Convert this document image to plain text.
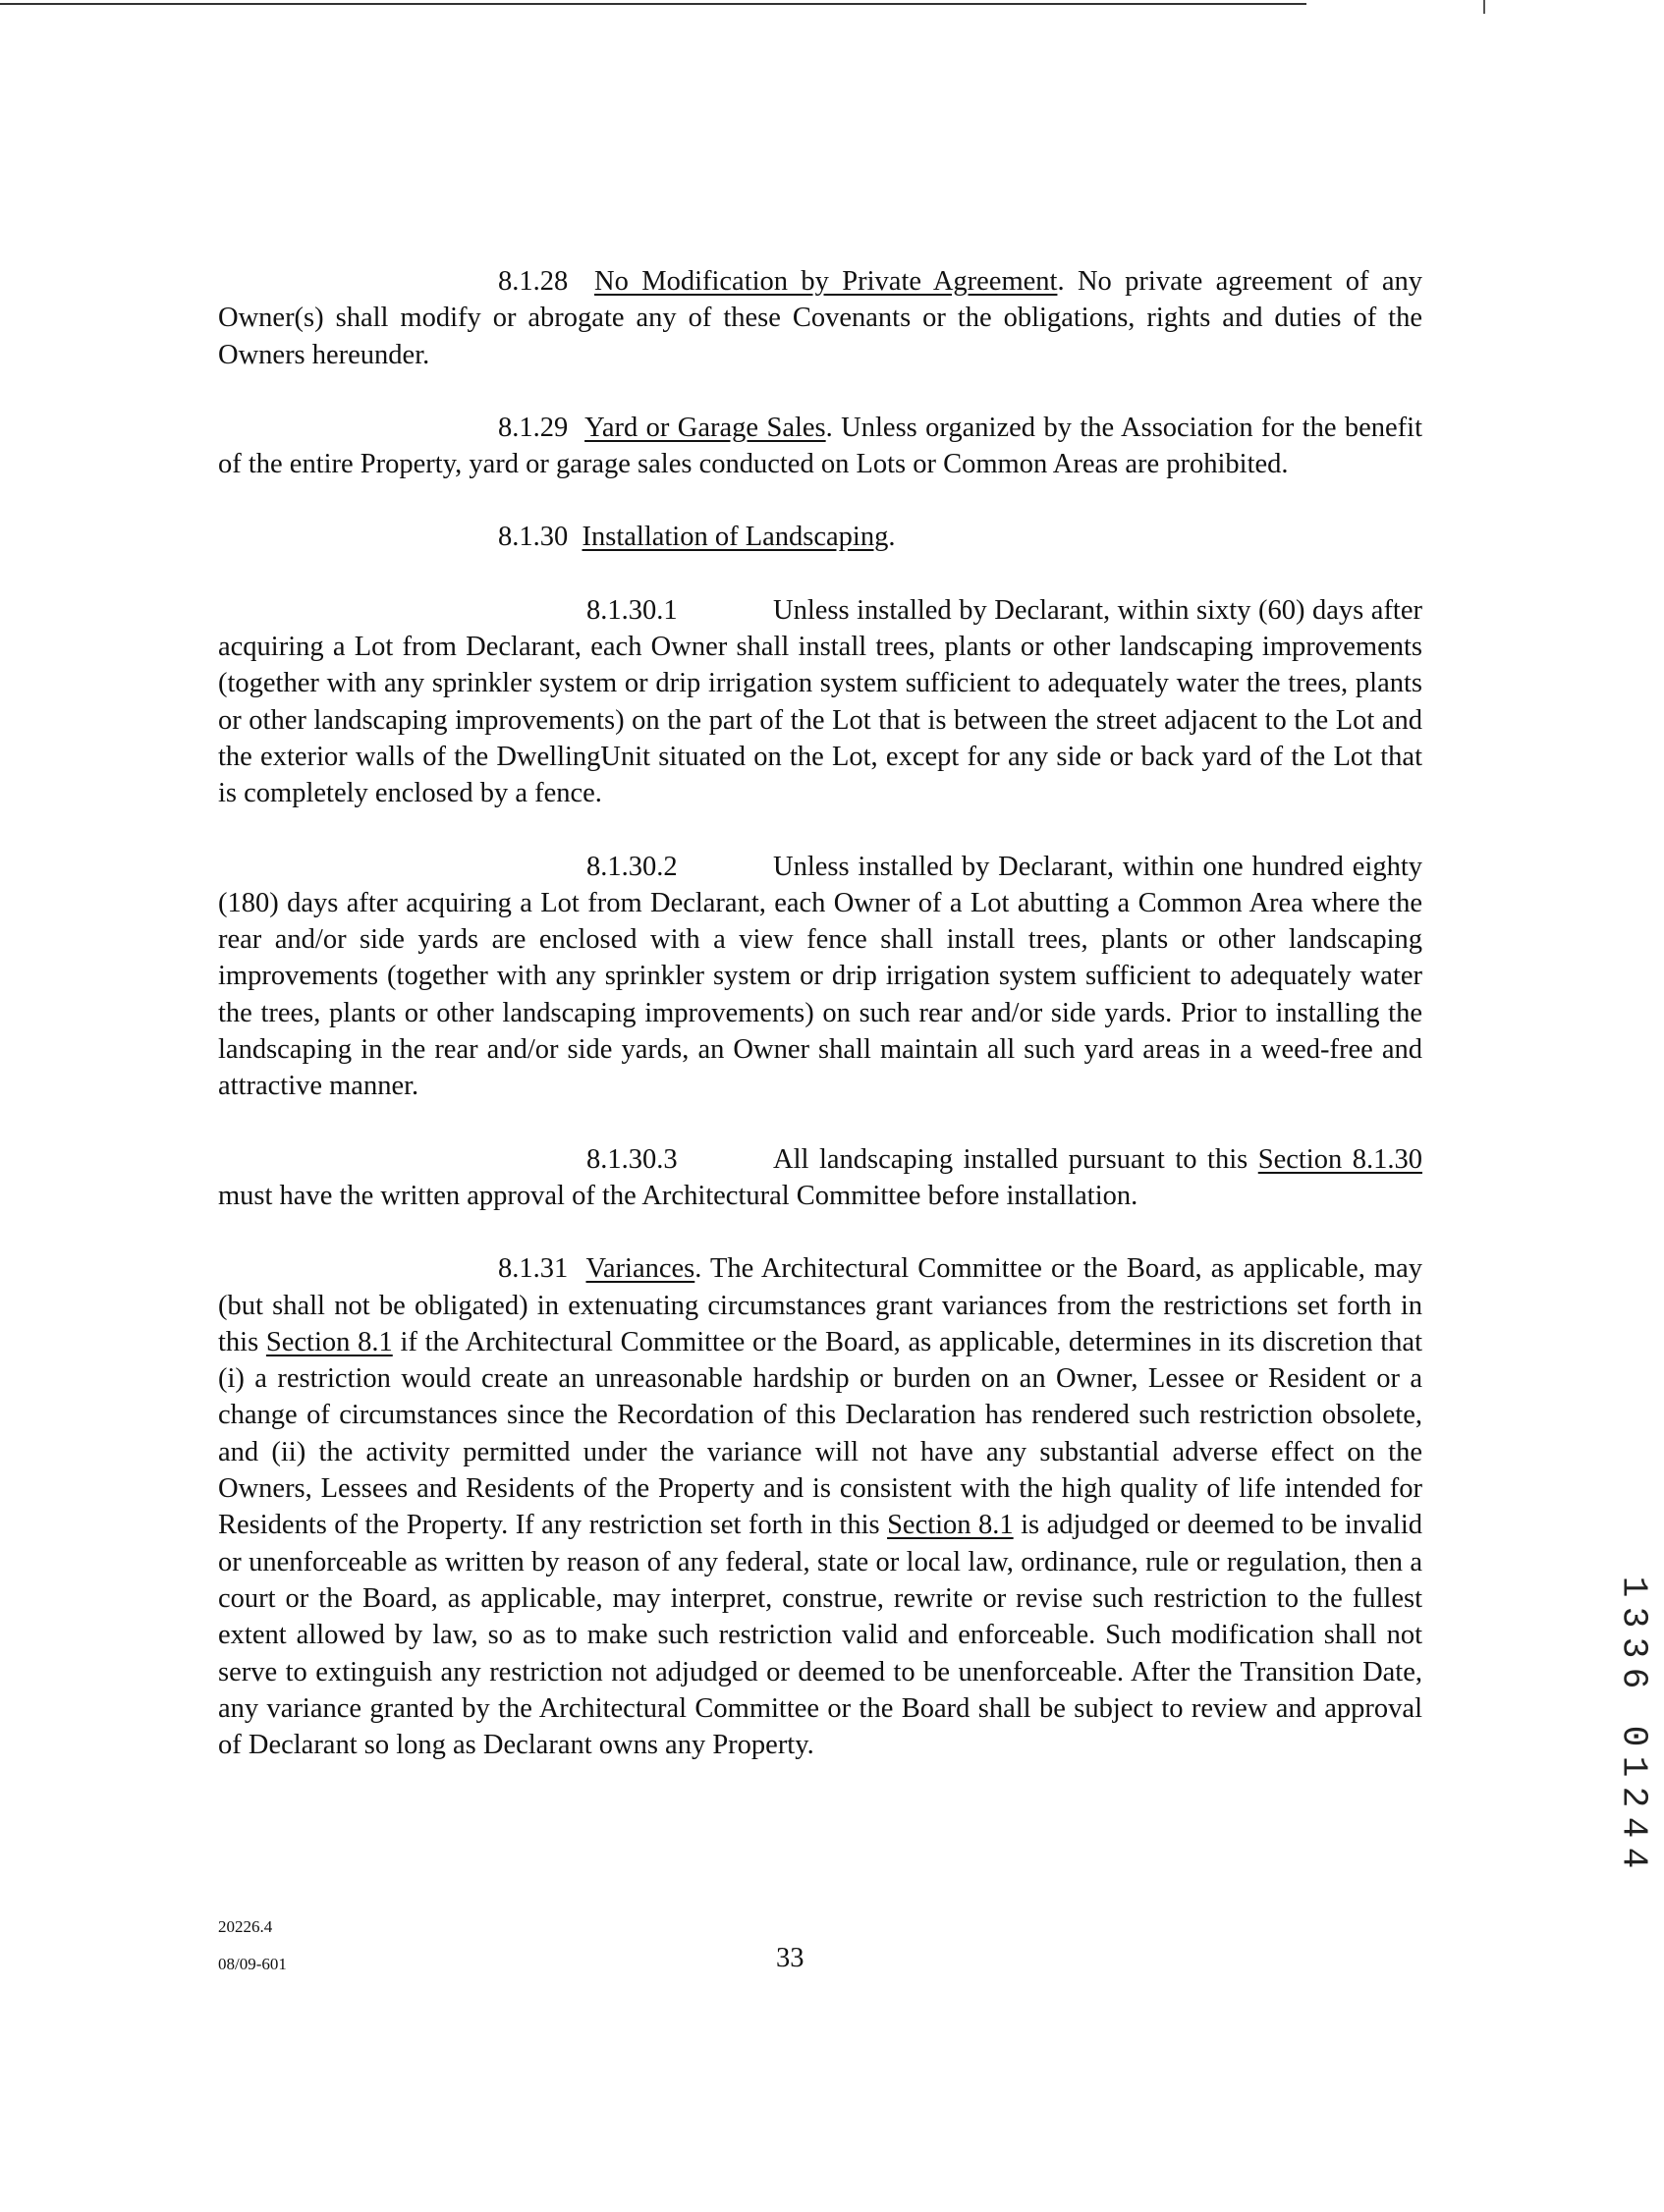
8.1.28 No Modification by Private Agreement. No private agreement of any Owner(s) shall modify or abrogate any of these Covenants or the obligations, rights and duties of the Owners hereunder.

8.1.29 Yard or Garage Sales. Unless organized by the Association for the benefit of the entire Property, yard or garage sales conducted on Lots or Common Areas are prohibited.

8.1.30 Installation of Landscaping.

8.1.30.1	Unless installed by Declarant, within sixty (60) days after acquiring a Lot from Declarant, each Owner shall install trees, plants or other landscaping improvements (together with any sprinkler system or drip irrigation system sufficient to adequately water the trees, plants or other landscaping improvements) on the part of the Lot that is between the street adjacent to the Lot and the exterior walls of the DwellingUnit situated on the Lot, except for any side or back yard of the Lot that is completely enclosed by a fence.

8.1.30.2	Unless installed by Declarant, within one hundred eighty (180) days after acquiring a Lot from Declarant, each Owner of a Lot abutting a Common Area where the rear and/or side yards are enclosed with a view fence shall install trees, plants or other landscaping improvements (together with any sprinkler system or drip irrigation system sufficient to adequately water the trees, plants or other landscaping improvements) on such rear and/or side yards. Prior to installing the landscaping in the rear and/or side yards, an Owner shall maintain all such yard areas in a weed-free and attractive manner.

8.1.30.3	All landscaping installed pursuant to this Section 8.1.30 must have the written approval of the Architectural Committee before installation.

8.1.31 Variances. The Architectural Committee or the Board, as applicable, may (but shall not be obligated) in extenuating circumstances grant variances from the restrictions set forth in this Section 8.1 if the Architectural Committee or the Board, as applicable, determines in its discretion that (i) a restriction would create an unreasonable hardship or burden on an Owner, Lessee or Resident or a change of circumstances since the Recordation of this Declaration has rendered such restriction obsolete, and (ii) the activity permitted under the variance will not have any substantial adverse effect on the Owners, Lessees and Residents of the Property and is consistent with the high quality of life intended for Residents of the Property. If any restriction set forth in this Section 8.1 is adjudged or deemed to be invalid or unenforceable as written by reason of any federal, state or local law, ordinance, rule or regulation, then a court or the Board, as applicable, may interpret, construe, rewrite or revise such restriction to the fullest extent allowed by law, so as to make such restriction valid and enforceable. Such modification shall not serve to extinguish any restriction not adjudged or deemed to be unenforceable. After the Transition Date, any variance granted by the Architectural Committee or the Board shall be subject to review and approval of Declarant so long as Declarant owns any Property.

20226.4
08/09-601	33
1
3
3
6
0
1
2
4
4
